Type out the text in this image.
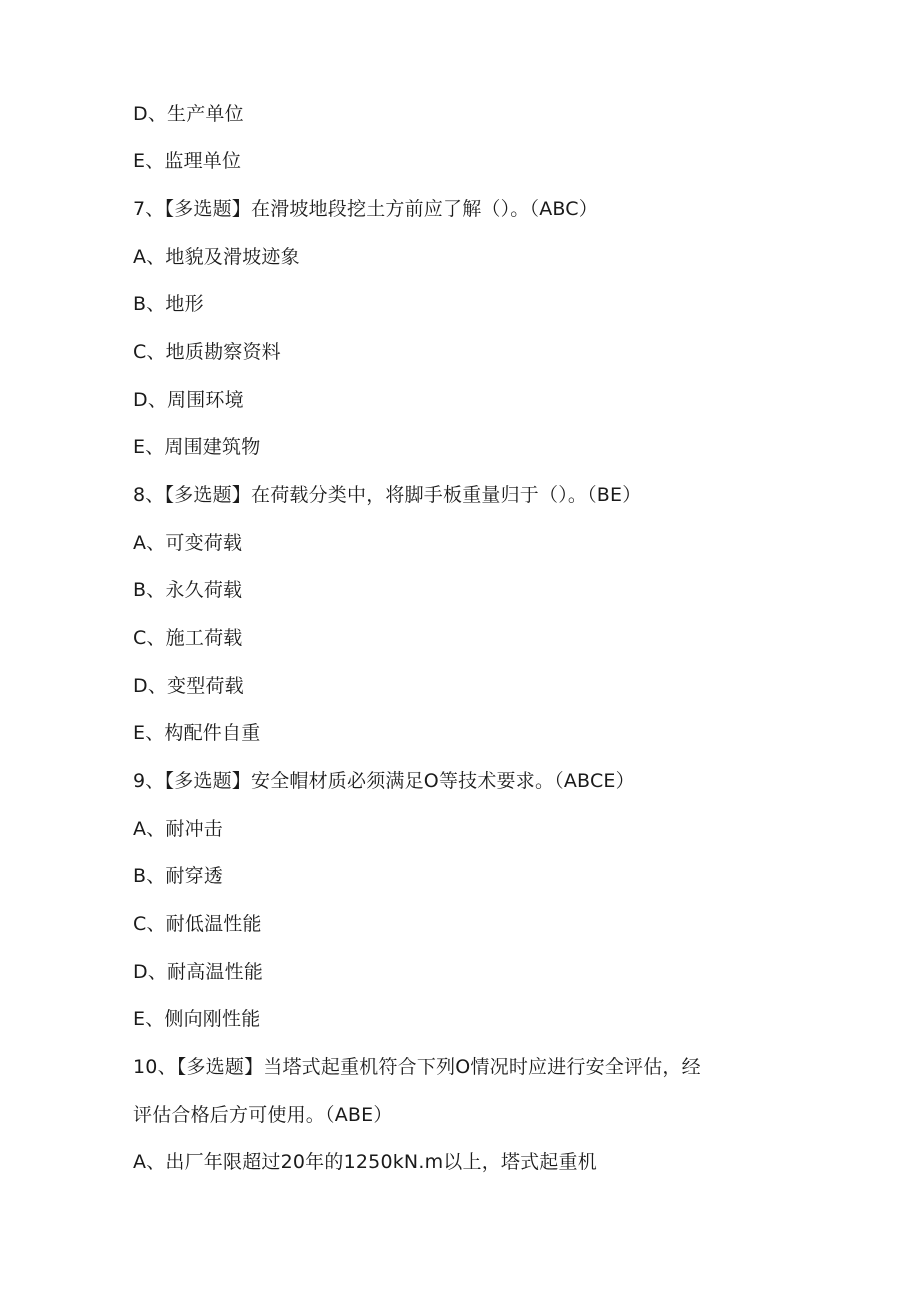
D、生产单位
E、监理单位
7、【多选题】在滑坡地段挖土方前应了解（）。（ABC）
A、地貌及滑坡迹象
B、地形
C、地质勘察资料
D、周围环境
E、周围建筑物
8、【多选题】在荷载分类中，将脚手板重量归于（）。（BE）
A、可变荷载
B、永久荷载
C、施工荷载
D、变型荷载
E、构配件自重
9、【多选题】安全帽材质必须满足O等技术要求。（ABCE）
A、耐冲击
B、耐穿透
C、耐低温性能
D、耐高温性能
E、侧向刚性能
10、【多选题】当塔式起重机符合下列O情况时应进行安全评估，经
评估合格后方可使用。（ABE）
A、出厂年限超过20年的1250kN.m以上，塔式起重机
